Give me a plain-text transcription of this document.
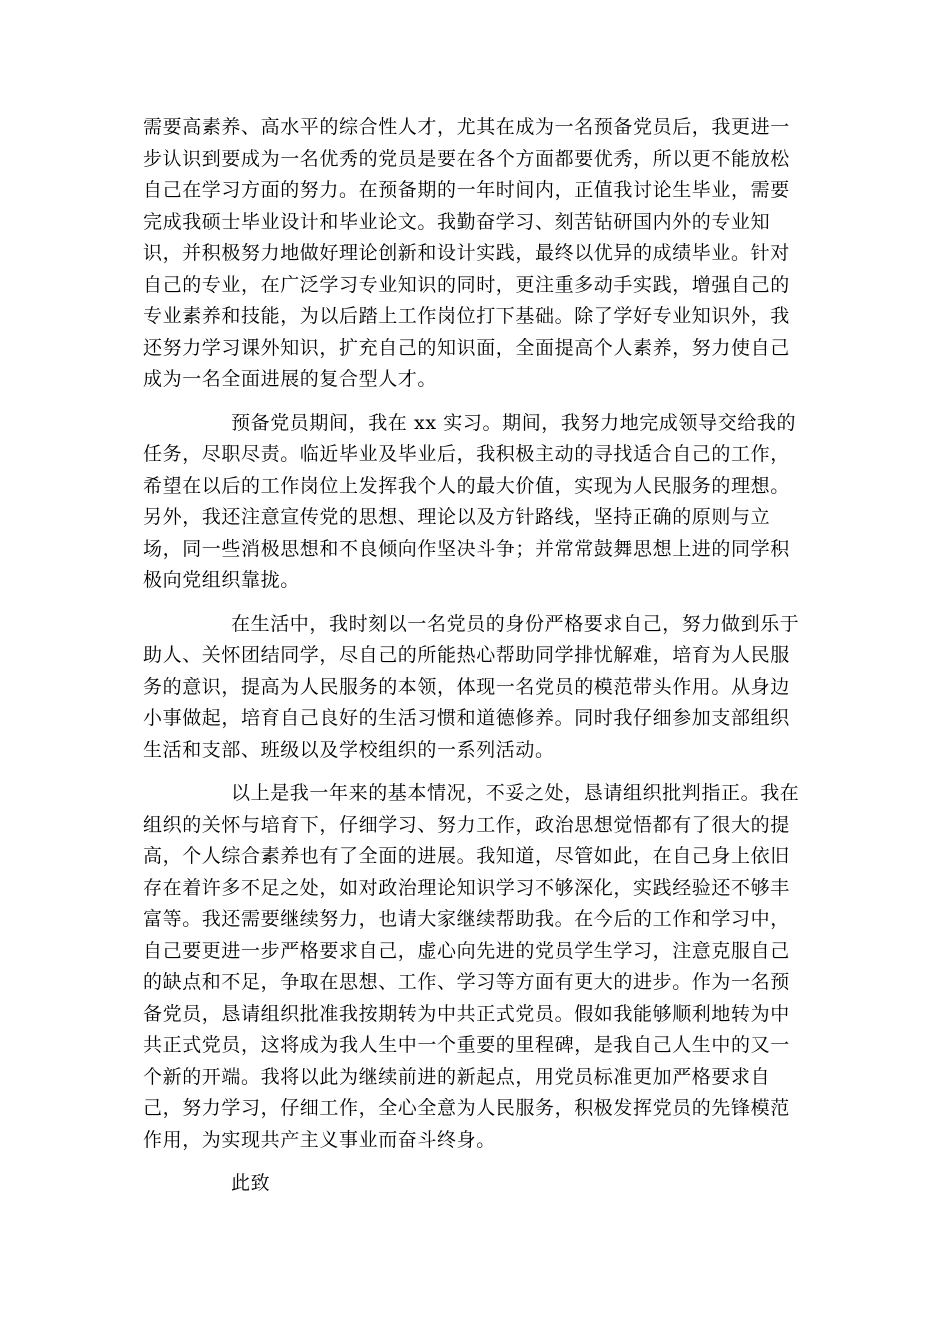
需要高素养、高水平的综合性人才，尤其在成为一名预备党员后，我更进一步认识到要成为一名优秀的党员是要在各个方面都要优秀，所以更不能放松自己在学习方面的努力。在预备期的一年时间内，正值我讨论生毕业，需要完成我硕士毕业设计和毕业论文。我勤奋学习、刻苦钻研国内外的专业知识，并积极努力地做好理论创新和设计实践，最终以优异的成绩毕业。针对自己的专业，在广泛学习专业知识的同时，更注重多动手实践，增强自己的专业素养和技能，为以后踏上工作岗位打下基础。除了学好专业知识外，我还努力学习课外知识，扩充自己的知识面，全面提高个人素养，努力使自己成为一名全面进展的复合型人才。

预备党员期间，我在 xx 实习。期间，我努力地完成领导交给我的任务，尽职尽责。临近毕业及毕业后，我积极主动的寻找适合自己的工作，希望在以后的工作岗位上发挥我个人的最大价值，实现为人民服务的理想。另外，我还注意宣传党的思想、理论以及方针路线，坚持正确的原则与立场，同一些消极思想和不良倾向作坚决斗争；并常常鼓舞思想上进的同学积极向党组织靠拢。

在生活中，我时刻以一名党员的身份严格要求自己，努力做到乐于助人、关怀团结同学，尽自己的所能热心帮助同学排忧解难，培育为人民服务的意识，提高为人民服务的本领，体现一名党员的模范带头作用。从身边小事做起，培育自己良好的生活习惯和道德修养。同时我仔细参加支部组织生活和支部、班级以及学校组织的一系列活动。

以上是我一年来的基本情况，不妥之处，恳请组织批判指正。我在组织的关怀与培育下，仔细学习、努力工作，政治思想觉悟都有了很大的提高，个人综合素养也有了全面的进展。我知道，尽管如此，在自己身上依旧存在着许多不足之处，如对政治理论知识学习不够深化，实践经验还不够丰富等。我还需要继续努力，也请大家继续帮助我。在今后的工作和学习中，自己要更进一步严格要求自己，虚心向先进的党员学生学习，注意克服自己的缺点和不足，争取在思想、工作、学习等方面有更大的进步。作为一名预备党员，恳请组织批准我按期转为中共正式党员。假如我能够顺利地转为中共正式党员，这将成为我人生中一个重要的里程碑，是我自己人生中的又一个新的开端。我将以此为继续前进的新起点，用党员标准更加严格要求自己，努力学习，仔细工作，全心全意为人民服务，积极发挥党员的先锋模范作用，为实现共产主义事业而奋斗终身。

此致
